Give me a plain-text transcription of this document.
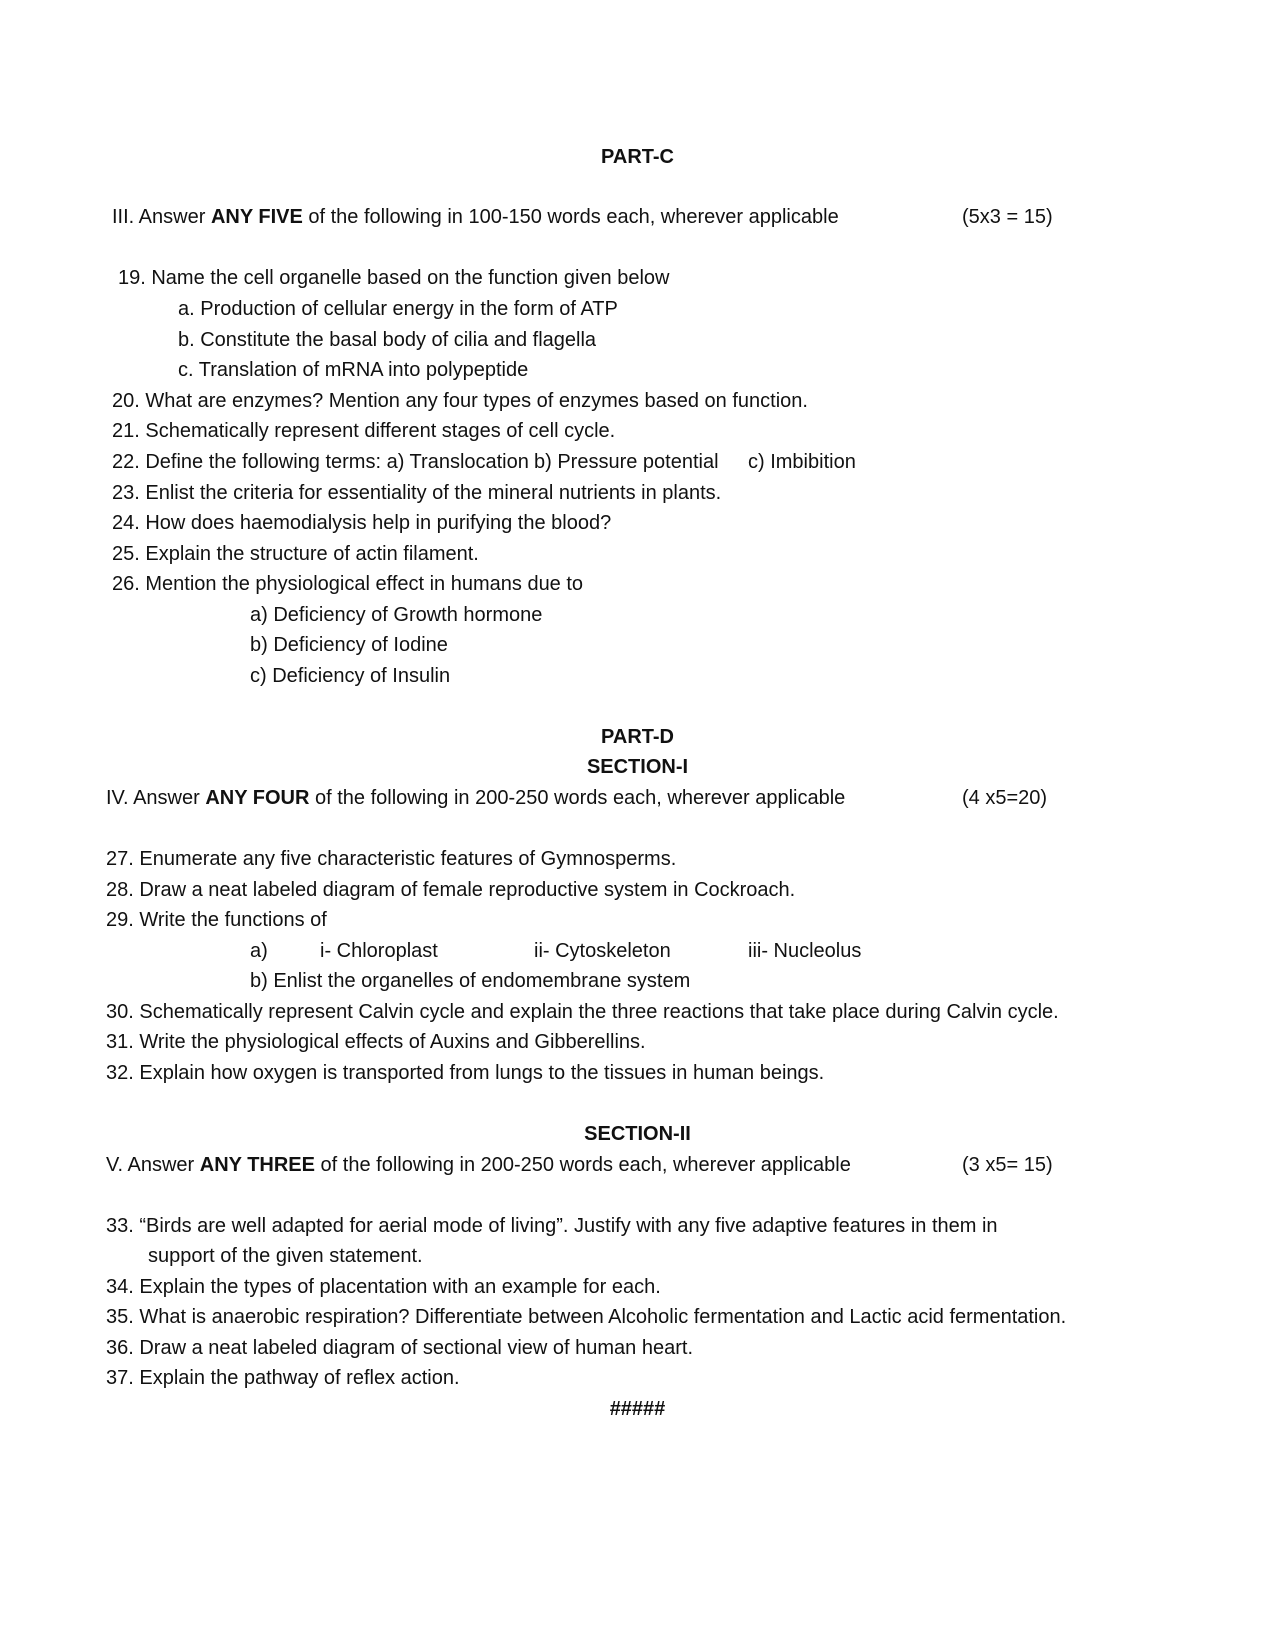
PART-C
III. Answer ANY FIVE of the following in 100-150 words each, wherever applicable	(5x3 = 15)
19. Name the cell organelle based on the function given below
a. Production of cellular energy in the form of ATP
b. Constitute the basal body of cilia and flagella
c. Translation of mRNA into polypeptide
20. What are enzymes? Mention any four types of enzymes based on function.
21. Schematically represent different stages of cell cycle.
22. Define the following terms: a) Translocation b) Pressure potential c) Imbibition
23. Enlist the criteria for essentiality of the mineral nutrients in plants.
24. How does haemodialysis help in purifying the blood?
25. Explain the structure of actin filament.
26. Mention the physiological effect in humans due to
a) Deficiency of Growth hormone
b) Deficiency of Iodine
c) Deficiency of Insulin
PART-D
SECTION-I
IV. Answer ANY FOUR of the following in 200-250 words each, wherever applicable	(4 x5=20)
27. Enumerate any five characteristic features of Gymnosperms.
28. Draw a neat labeled diagram of female reproductive system in Cockroach.
29. Write the functions of
a)	i- Chloroplast	ii- Cytoskeleton	iii- Nucleolus
b) Enlist the organelles of endomembrane system
30. Schematically represent Calvin cycle and explain the three reactions that take place during Calvin cycle.
31. Write the physiological effects of Auxins and Gibberellins.
32. Explain how oxygen is transported from lungs to the tissues in human beings.
SECTION-II
V. Answer ANY THREE of the following in 200-250 words each, wherever applicable	(3 x5= 15)
33. “Birds are well adapted for aerial mode of living”. Justify with any five adaptive features in them in
support of the given statement.
34. Explain the types of placentation with an example for each.
35. What is anaerobic respiration? Differentiate between Alcoholic fermentation and Lactic acid fermentation.
36. Draw a neat labeled diagram of sectional view of human heart.
37. Explain the pathway of reflex action.
#####
